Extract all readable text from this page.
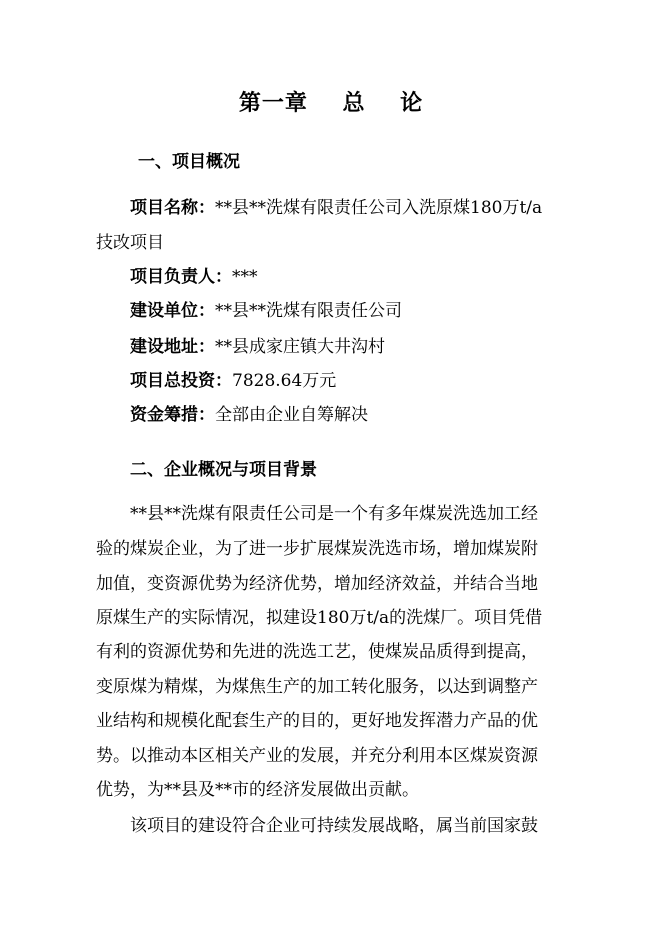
第一章    总    论
一、项目概况
项目名称：**县**洗煤有限责任公司入洗原煤180万t/a
技改项目
项目负责人：***
建设单位：**县**洗煤有限责任公司
建设地址：**县成家庄镇大井沟村
项目总投资：7828.64万元
资金筹措：全部由企业自筹解决
二、企业概况与项目背景
**县**洗煤有限责任公司是一个有多年煤炭洗选加工经
验的煤炭企业，为了进一步扩展煤炭洗选市场，增加煤炭附
加值，变资源优势为经济优势，增加经济效益，并结合当地
原煤生产的实际情况，拟建设180万t/a的洗煤厂。项目凭借
有利的资源优势和先进的洗选工艺，使煤炭品质得到提高，
变原煤为精煤，为煤焦生产的加工转化服务，以达到调整产
业结构和规模化配套生产的目的，更好地发挥潜力产品的优
势。以推动本区相关产业的发展，并充分利用本区煤炭资源
优势，为**县及**市的经济发展做出贡献。
该项目的建设符合企业可持续发展战略，属当前国家鼓
